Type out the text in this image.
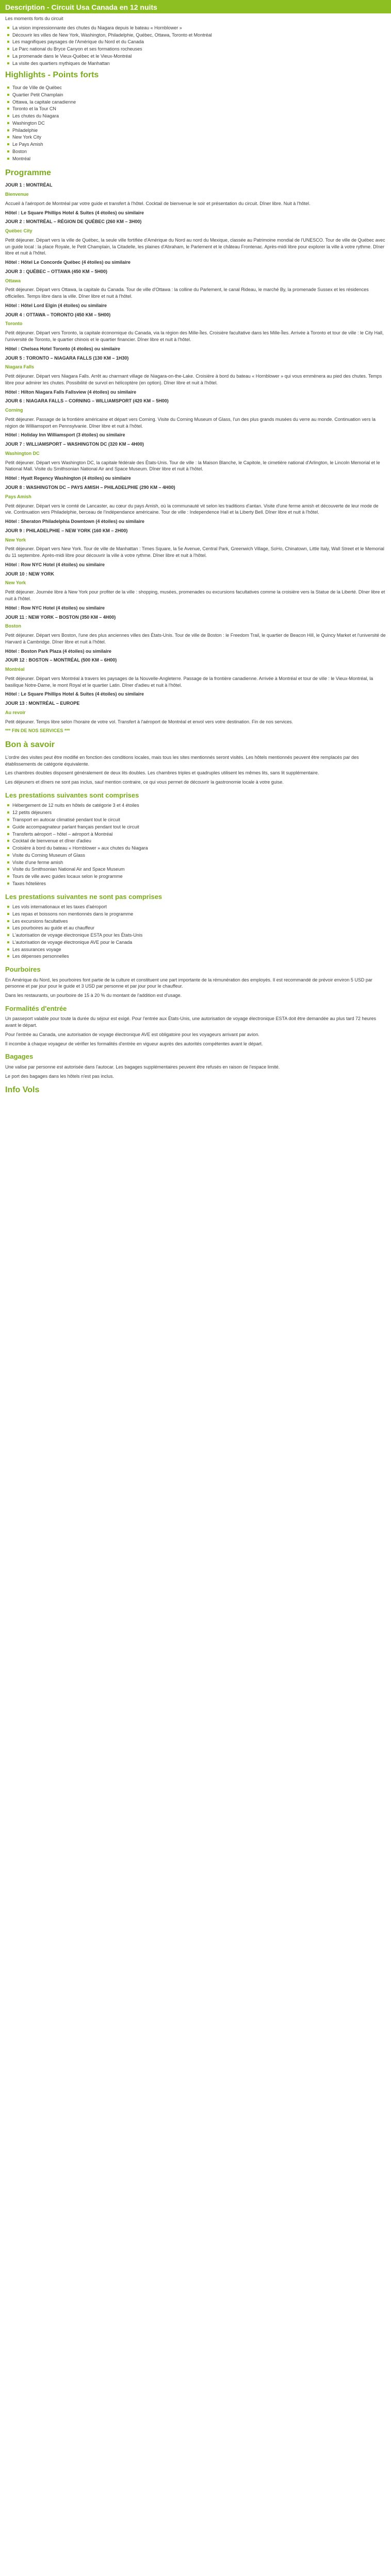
Description - Circuit Usa Canada en 12 nuits

Les moments forts du circuit

La vision impressionnante des chutes du Niagara depuis le bateau « Hornblower »
Découvrir les villes de New York, Washington, Philadelphie, Québec, Ottawa, Toronto et Montréal
Les magnifiques paysages de l'Amérique du Nord et du Canada
Le Parc national du Bryce Canyon et ses formations rocheuses
La promenade dans le Vieux-Québec et le Vieux-Montréal
La visite des quartiers mythiques de Manhattan
Highlights - Points forts
Tour de Ville de Québec
Quartier Petit Champlain
Ottawa, la capitale canadienne
Toronto et la Tour CN
Les chutes du Niagara
Washington DC
Philadelphie
New York City
Le Pays Amish
Boston
Montréal
Programme

JOUR 1 : MONTRÉAL

Bienvenue

Accueil à l'aéroport de Montréal par votre guide et transfert à l'hôtel. Cocktail de bienvenue le soir et présentation du circuit. Dîner libre. Nuit à l'hôtel.

Hôtel : Le Square Phillips Hotel & Suites (4 étoiles) ou similaire

JOUR 2 : MONTRÉAL – RÉGION DE QUÉBEC (260 KM – 3H00)

Québec City

Petit déjeuner. Départ vers la ville de Québec, la seule ville fortifiée d'Amérique du Nord au nord du Mexique, classée au Patrimoine mondial de l'UNESCO. Tour de ville de Québec avec un guide local : la place Royale, le Petit Champlain, la Citadelle, les plaines d'Abraham, le Parlement et le château Frontenac. Après-midi libre pour explorer la ville à votre rythme. Dîner libre et nuit à l'hôtel.

Hôtel : Hôtel Le Concorde Québec (4 étoiles) ou similaire

JOUR 3 : QUÉBEC – OTTAWA (450 KM – 5H00)

Ottawa

Petit déjeuner. Départ vers Ottawa, la capitale du Canada. Tour de ville d'Ottawa : la colline du Parlement, le canal Rideau, le marché By, la promenade Sussex et les résidences officielles. Temps libre dans la ville. Dîner libre et nuit à l'hôtel.

Hôtel : Hôtel Lord Elgin (4 étoiles) ou similaire

JOUR 4 : OTTAWA – TORONTO (450 KM – 5H00)

Toronto

Petit déjeuner. Départ vers Toronto, la capitale économique du Canada, via la région des Mille-Îles. Croisière facultative dans les Mille-Îles. Arrivée à Toronto et tour de ville : le City Hall, l'université de Toronto, le quartier chinois et le quartier financier. Dîner libre et nuit à l'hôtel.

Hôtel : Chelsea Hotel Toronto (4 étoiles) ou similaire

JOUR 5 : TORONTO – NIAGARA FALLS (130 KM – 1H30)

Niagara Falls

Petit déjeuner. Départ vers Niagara Falls. Arrêt au charmant village de Niagara-on-the-Lake. Croisière à bord du bateau « Hornblower » qui vous emmènera au pied des chutes. Temps libre pour admirer les chutes. Possibilité de survol en hélicoptère (en option). Dîner libre et nuit à l'hôtel.

Hôtel : Hilton Niagara Falls Fallsview (4 étoiles) ou similaire

JOUR 6 : NIAGARA FALLS – CORNING – WILLIAMSPORT (420 KM – 5H00)

Corning

Petit déjeuner. Passage de la frontière américaine et départ vers Corning. Visite du Corning Museum of Glass, l'un des plus grands musées du verre au monde. Continuation vers la région de Williamsport en Pennsylvanie. Dîner libre et nuit à l'hôtel.

Hôtel : Holiday Inn Williamsport (3 étoiles) ou similaire

JOUR 7 : WILLIAMSPORT – WASHINGTON DC (320 KM – 4H00)

Washington DC

Petit déjeuner. Départ vers Washington DC, la capitale fédérale des États-Unis. Tour de ville : la Maison Blanche, le Capitole, le cimetière national d'Arlington, le Lincoln Memorial et le National Mall. Visite du Smithsonian National Air and Space Museum. Dîner libre et nuit à l'hôtel.

Hôtel : Hyatt Regency Washington (4 étoiles) ou similaire

JOUR 8 : WASHINGTON DC – PAYS AMISH – PHILADELPHIE (290 KM – 4H00)

Pays Amish

Petit déjeuner. Départ vers le comté de Lancaster, au cœur du pays Amish, où la communauté vit selon les traditions d'antan. Visite d'une ferme amish et découverte de leur mode de vie. Continuation vers Philadelphie, berceau de l'indépendance américaine. Tour de ville : Independence Hall et la Liberty Bell. Dîner libre et nuit à l'hôtel.

Hôtel : Sheraton Philadelphia Downtown (4 étoiles) ou similaire

JOUR 9 : PHILADELPHIE – NEW YORK (160 KM – 2H00)

New York

Petit déjeuner. Départ vers New York. Tour de ville de Manhattan : Times Square, la 5e Avenue, Central Park, Greenwich Village, SoHo, Chinatown, Little Italy, Wall Street et le Memorial du 11 septembre. Après-midi libre pour découvrir la ville à votre rythme. Dîner libre et nuit à l'hôtel.

Hôtel : Row NYC Hotel (4 étoiles) ou similaire

JOUR 10 : NEW YORK

New York

Petit déjeuner. Journée libre à New York pour profiter de la ville : shopping, musées, promenades ou excursions facultatives comme la croisière vers la Statue de la Liberté. Dîner libre et nuit à l'hôtel.

Hôtel : Row NYC Hotel (4 étoiles) ou similaire

JOUR 11 : NEW YORK – BOSTON (350 KM – 4H00)

Boston

Petit déjeuner. Départ vers Boston, l'une des plus anciennes villes des États-Unis. Tour de ville de Boston : le Freedom Trail, le quartier de Beacon Hill, le Quincy Market et l'université de Harvard à Cambridge. Dîner libre et nuit à l'hôtel.

Hôtel : Boston Park Plaza (4 étoiles) ou similaire

JOUR 12 : BOSTON – MONTRÉAL (500 KM – 6H00)

Montréal

Petit déjeuner. Départ vers Montréal à travers les paysages de la Nouvelle-Angleterre. Passage de la frontière canadienne. Arrivée à Montréal et tour de ville : le Vieux-Montréal, la basilique Notre-Dame, le mont Royal et le quartier Latin. Dîner d'adieu et nuit à l'hôtel.

Hôtel : Le Square Phillips Hotel & Suites (4 étoiles) ou similaire

JOUR 13 : MONTRÉAL – EUROPE

Au revoir

Petit déjeuner. Temps libre selon l'horaire de votre vol. Transfert à l'aéroport de Montréal et envol vers votre destination. Fin de nos services.

*** FIN DE NOS SERVICES ***

Bon à savoir

L'ordre des visites peut être modifié en fonction des conditions locales, mais tous les sites mentionnés seront visités. Les hôtels mentionnés peuvent être remplacés par des établissements de catégorie équivalente.

Les chambres doubles disposent généralement de deux lits doubles. Les chambres triples et quadruples utilisent les mêmes lits, sans lit supplémentaire.

Les déjeuners et dîners ne sont pas inclus, sauf mention contraire, ce qui vous permet de découvrir la gastronomie locale à votre guise.

Les prestations suivantes sont comprises
Hébergement de 12 nuits en hôtels de catégorie 3 et 4 étoiles
12 petits déjeuners
Transport en autocar climatisé pendant tout le circuit
Guide accompagnateur parlant français pendant tout le circuit
Transferts aéroport – hôtel – aéroport à Montréal
Cocktail de bienvenue et dîner d'adieu
Croisière à bord du bateau « Hornblower » aux chutes du Niagara
Visite du Corning Museum of Glass
Visite d'une ferme amish
Visite du Smithsonian National Air and Space Museum
Tours de ville avec guides locaux selon le programme
Taxes hôtelières
Les prestations suivantes ne sont pas comprises
Les vols internationaux et les taxes d'aéroport
Les repas et boissons non mentionnés dans le programme
Les excursions facultatives
Les pourboires au guide et au chauffeur
L'autorisation de voyage électronique ESTA pour les États-Unis
L'autorisation de voyage électronique AVE pour le Canada
Les assurances voyage
Les dépenses personnelles
Pourboires

En Amérique du Nord, les pourboires font partie de la culture et constituent une part importante de la rémunération des employés. Il est recommandé de prévoir environ 5 USD par personne et par jour pour le guide et 3 USD par personne et par jour pour le chauffeur.

Dans les restaurants, un pourboire de 15 à 20 % du montant de l'addition est d'usage.

Formalités d'entrée

Un passeport valable pour toute la durée du séjour est exigé. Pour l'entrée aux États-Unis, une autorisation de voyage électronique ESTA doit être demandée au plus tard 72 heures avant le départ.

Pour l'entrée au Canada, une autorisation de voyage électronique AVE est obligatoire pour les voyageurs arrivant par avion.

Il incombe à chaque voyageur de vérifier les formalités d'entrée en vigueur auprès des autorités compétentes avant le départ.

Bagages

Une valise par personne est autorisée dans l'autocar. Les bagages supplémentaires peuvent être refusés en raison de l'espace limité.

Le port des bagages dans les hôtels n'est pas inclus.

Info Vols
